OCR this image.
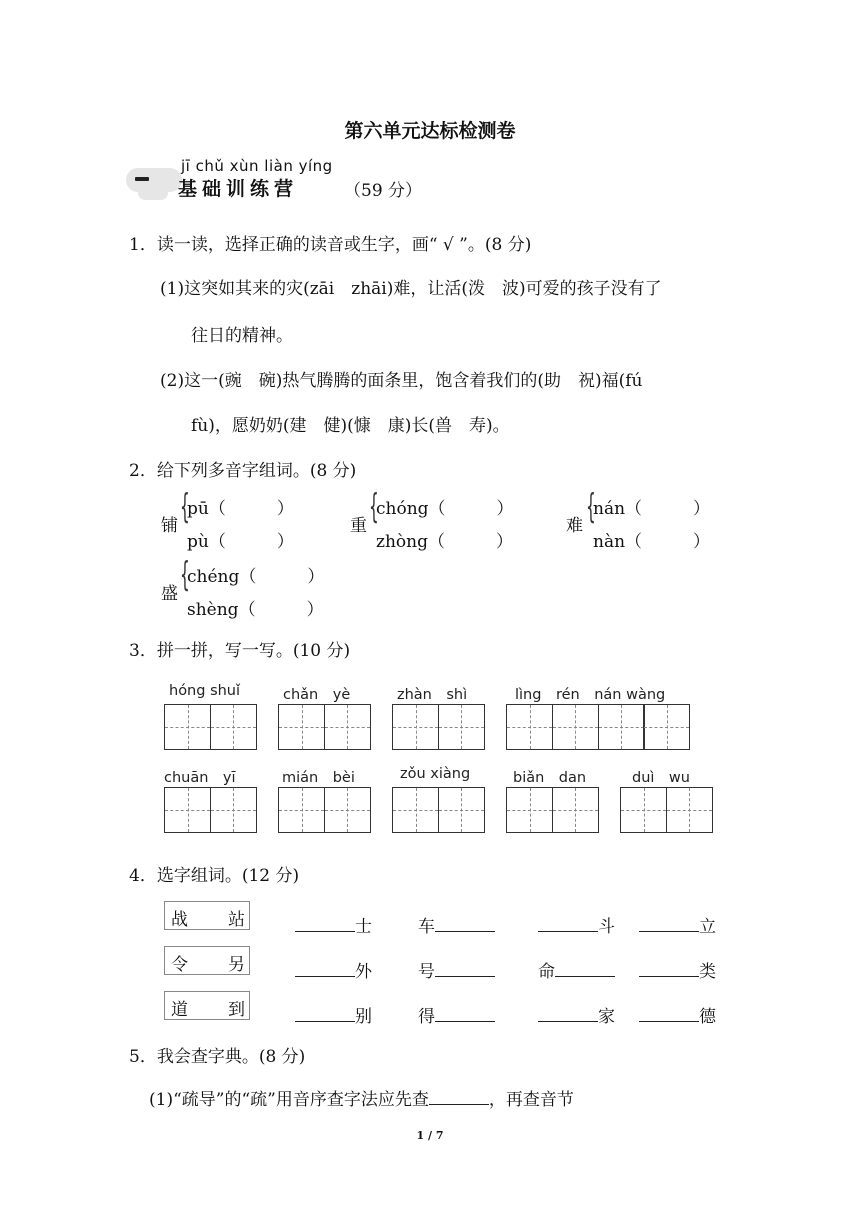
第六单元达标检测卷
jī chǔ xùn liàn yíng
基础训练营	（59 分）
1．读一读，选择正确的读音或生字，画“ √ ”。(8 分)
(1)这突如其来的灾(zāi　zhāi)难，让活(泼　波)可爱的孩子没有了
往日的精神。
(2)这一(豌　碗)热气腾腾的面条里，饱含着我们的(助　祝)福(fú
fù)，愿奶奶(建　健)(慷　康)长(兽　寿)。
2．给下列多音字组词。(8 分)
铺 {
pū（　　　）
pù（　　　）
重 {
chóng（　　　）
zhòng（　　　）
难 {
nán（　　　）
nàn（　　　）
盛 {
chéng（　　　）
shèng（　　　）
3．拼一拼，写一写。(10 分)
hóng shuǐ	chǎn　yè	zhàn　shì	lìng　rén　nán wàng
chuān　yī	mián　bèi	zǒu xiàng	biǎn　dan	duì　wu
4．选字组词。(12 分)
战 站
令 另
道 到
士	车	斗	立
外	号	命	类
别	得	家	德
5．我会查字典。(8 分)
(1)“疏导”的“疏”用音序查字法应先查	，再查音节
1 / 7
